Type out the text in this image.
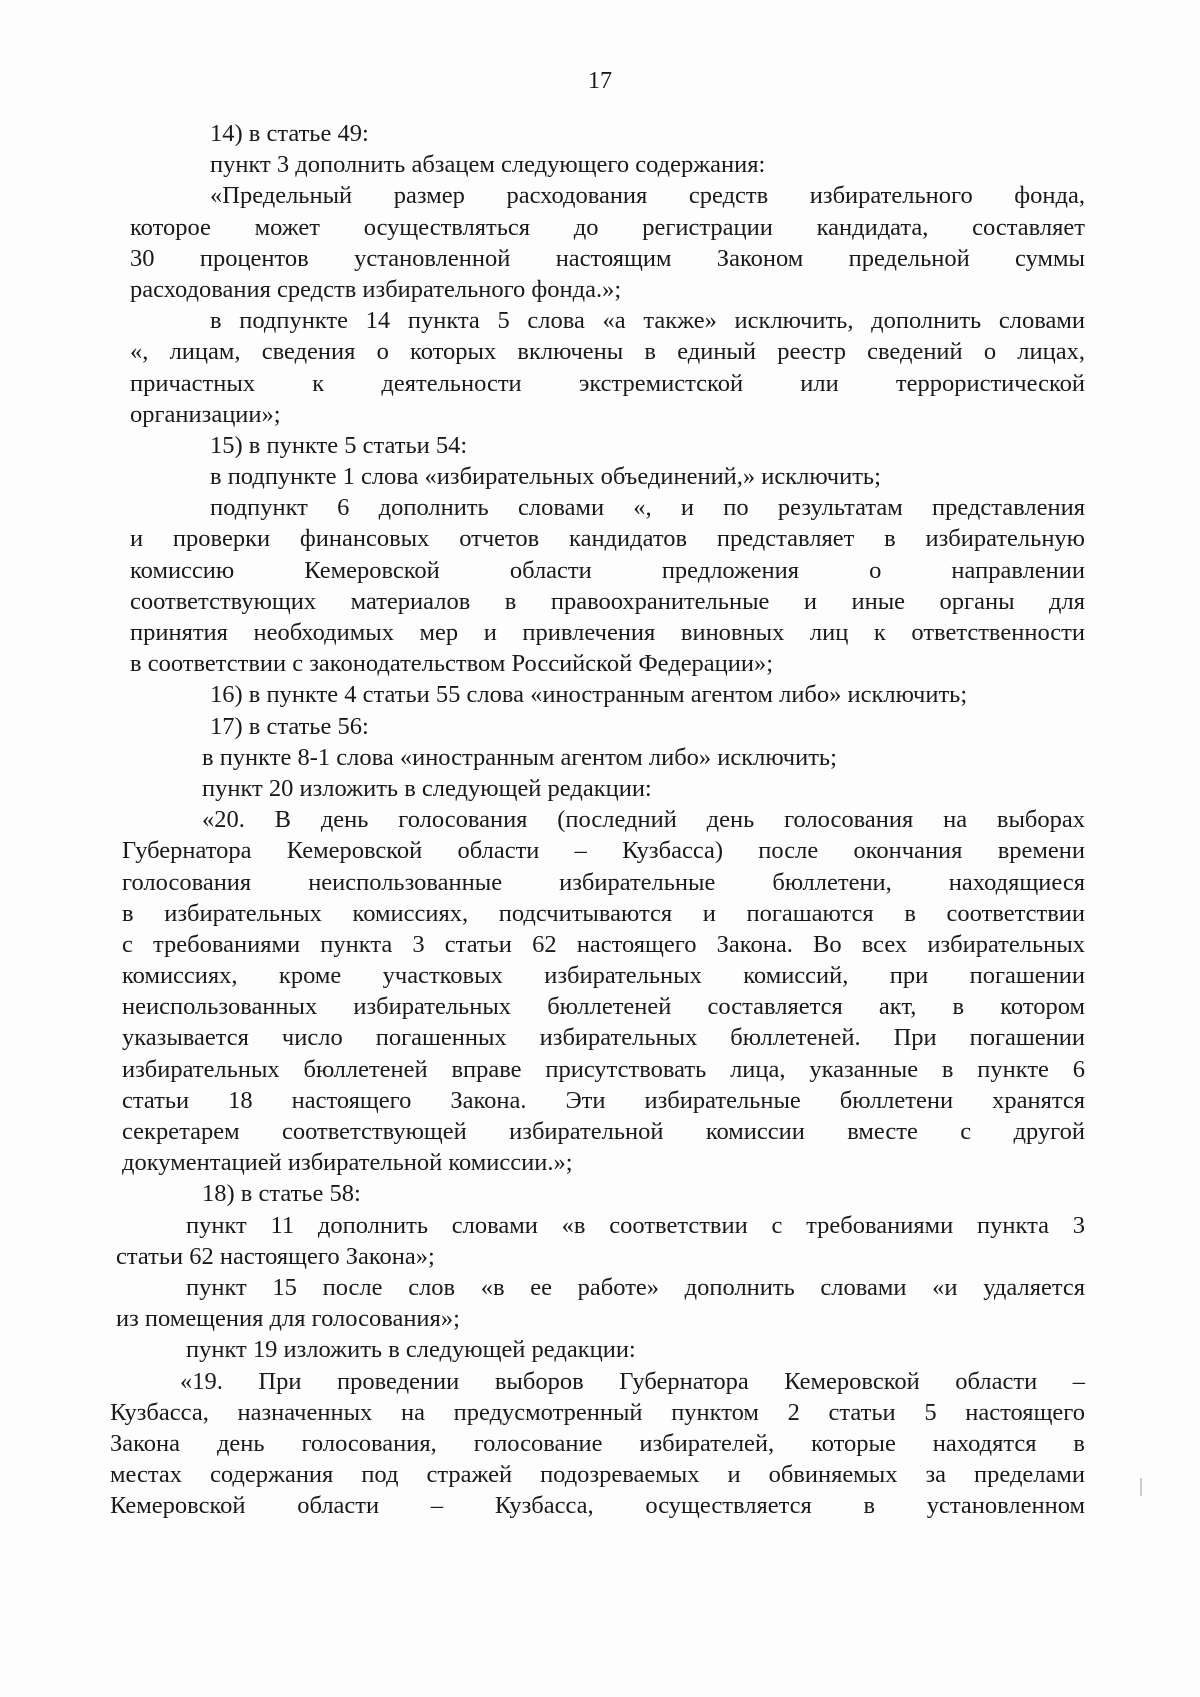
17
14) в статье 49:
пункт 3 дополнить абзацем следующего содержания:
«Предельный размер расходования средств избирательного фонда,
которое может осуществляться до регистрации кандидата, составляет
30 процентов установленной настоящим Законом предельной суммы
расходования средств избирательного фонда.»;
в подпункте 14 пункта 5 слова «а также» исключить, дополнить словами
«, лицам, сведения о которых включены в единый реестр сведений о лицах,
причастных к деятельности экстремистской или террористической
организации»;
15) в пункте 5 статьи 54:
в подпункте 1 слова «избирательных объединений,» исключить;
подпункт 6 дополнить словами «, и по результатам представления
и проверки финансовых отчетов кандидатов представляет в избирательную
комиссию Кемеровской области предложения о направлении
соответствующих материалов в правоохранительные и иные органы для
принятия необходимых мер и привлечения виновных лиц к ответственности
в соответствии с законодательством Российской Федерации»;
16) в пункте 4 статьи 55 слова «иностранным агентом либо» исключить;
17) в статье 56:
в пункте 8-1 слова «иностранным агентом либо» исключить;
пункт 20 изложить в следующей редакции:
«20. В день голосования (последний день голосования на выборах
Губернатора Кемеровской области – Кузбасса) после окончания времени
голосования неиспользованные избирательные бюллетени, находящиеся
в избирательных комиссиях, подсчитываются и погашаются в соответствии
с требованиями пункта 3 статьи 62 настоящего Закона. Во всех избирательных
комиссиях, кроме участковых избирательных комиссий, при погашении
неиспользованных избирательных бюллетеней составляется акт, в котором
указывается число погашенных избирательных бюллетеней. При погашении
избирательных бюллетеней вправе присутствовать лица, указанные в пункте 6
статьи 18 настоящего Закона. Эти избирательные бюллетени хранятся
секретарем соответствующей избирательной комиссии вместе с другой
документацией избирательной комиссии.»;
18) в статье 58:
пункт 11 дополнить словами «в соответствии с требованиями пункта 3
статьи 62 настоящего Закона»;
пункт 15 после слов «в ее работе» дополнить словами «и удаляется
из помещения для голосования»;
пункт 19 изложить в следующей редакции:
«19. При проведении выборов Губернатора Кемеровской области –
Кузбасса, назначенных на предусмотренный пунктом 2 статьи 5 настоящего
Закона день голосования, голосование избирателей, которые находятся в
местах содержания под стражей подозреваемых и обвиняемых за пределами
Кемеровской области – Кузбасса, осуществляется в установленном
